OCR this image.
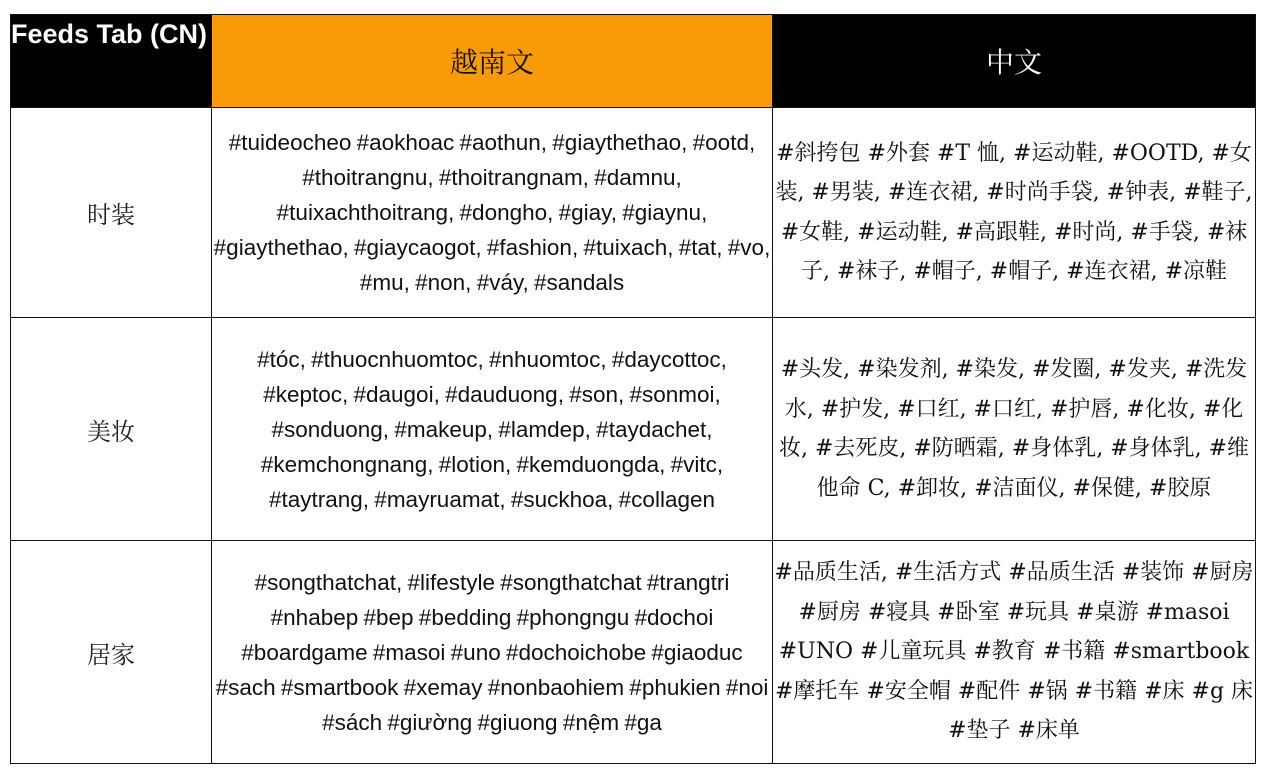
Feeds Tab (CN)	越南文	中文
时装	#tuideocheo #aokhoac #aothun, #giaythethao, #ootd, #thoitrangnu, #thoitrangnam, #damnu, #tuixachthoitrang, #dongho, #giay, #giaynu, #giaythethao, #giaycaogot, #fashion, #tuixach, #tat, #vo, #mu, #non, #váy, #sandals	#斜挎包 #外套 #T 恤, #运动鞋, #OOTD, #女装, #男装, #连衣裙, #时尚手袋, #钟表, #鞋子, #女鞋, #运动鞋, #高跟鞋, #时尚, #手袋, #袜子, #袜子, #帽子, #帽子, #连衣裙, #凉鞋
美妆	#tóc, #thuocnhuomtoc, #nhuomtoc, #daycottoc, #keptoc, #daugoi, #dauduong, #son, #sonmoi, #sonduong, #makeup, #lamdep, #taydachet, #kemchongnang, #lotion, #kemduongda, #vitc, #taytrang, #mayruamat, #suckhoa, #collagen	#头发, #染发剂, #染发, #发圈, #发夹, #洗发水, #护发, #口红, #口红, #护唇, #化妆, #化妆, #去死皮, #防晒霜, #身体乳, #身体乳, #维他命 C, #卸妆, #洁面仪, #保健, #胶原
居家	#songthatchat, #lifestyle #songthatchat #trangtri #nhabep #bep #bedding #phongngu #dochoi #boardgame #masoi #uno #dochoichobe #giaoduc #sach #smartbook #xemay #nonbaohiem #phukien #noi #sách #giường #giuong #nệm #ga	#品质生活, #生活方式 #品质生活 #装饰 #厨房 #厨房 #寝具 #卧室 #玩具 #桌游 #masoi #UNO #儿童玩具 #教育 #书籍 #smartbook #摩托车 #安全帽 #配件 #锅 #书籍 #床 #g 床 #垫子 #床单
